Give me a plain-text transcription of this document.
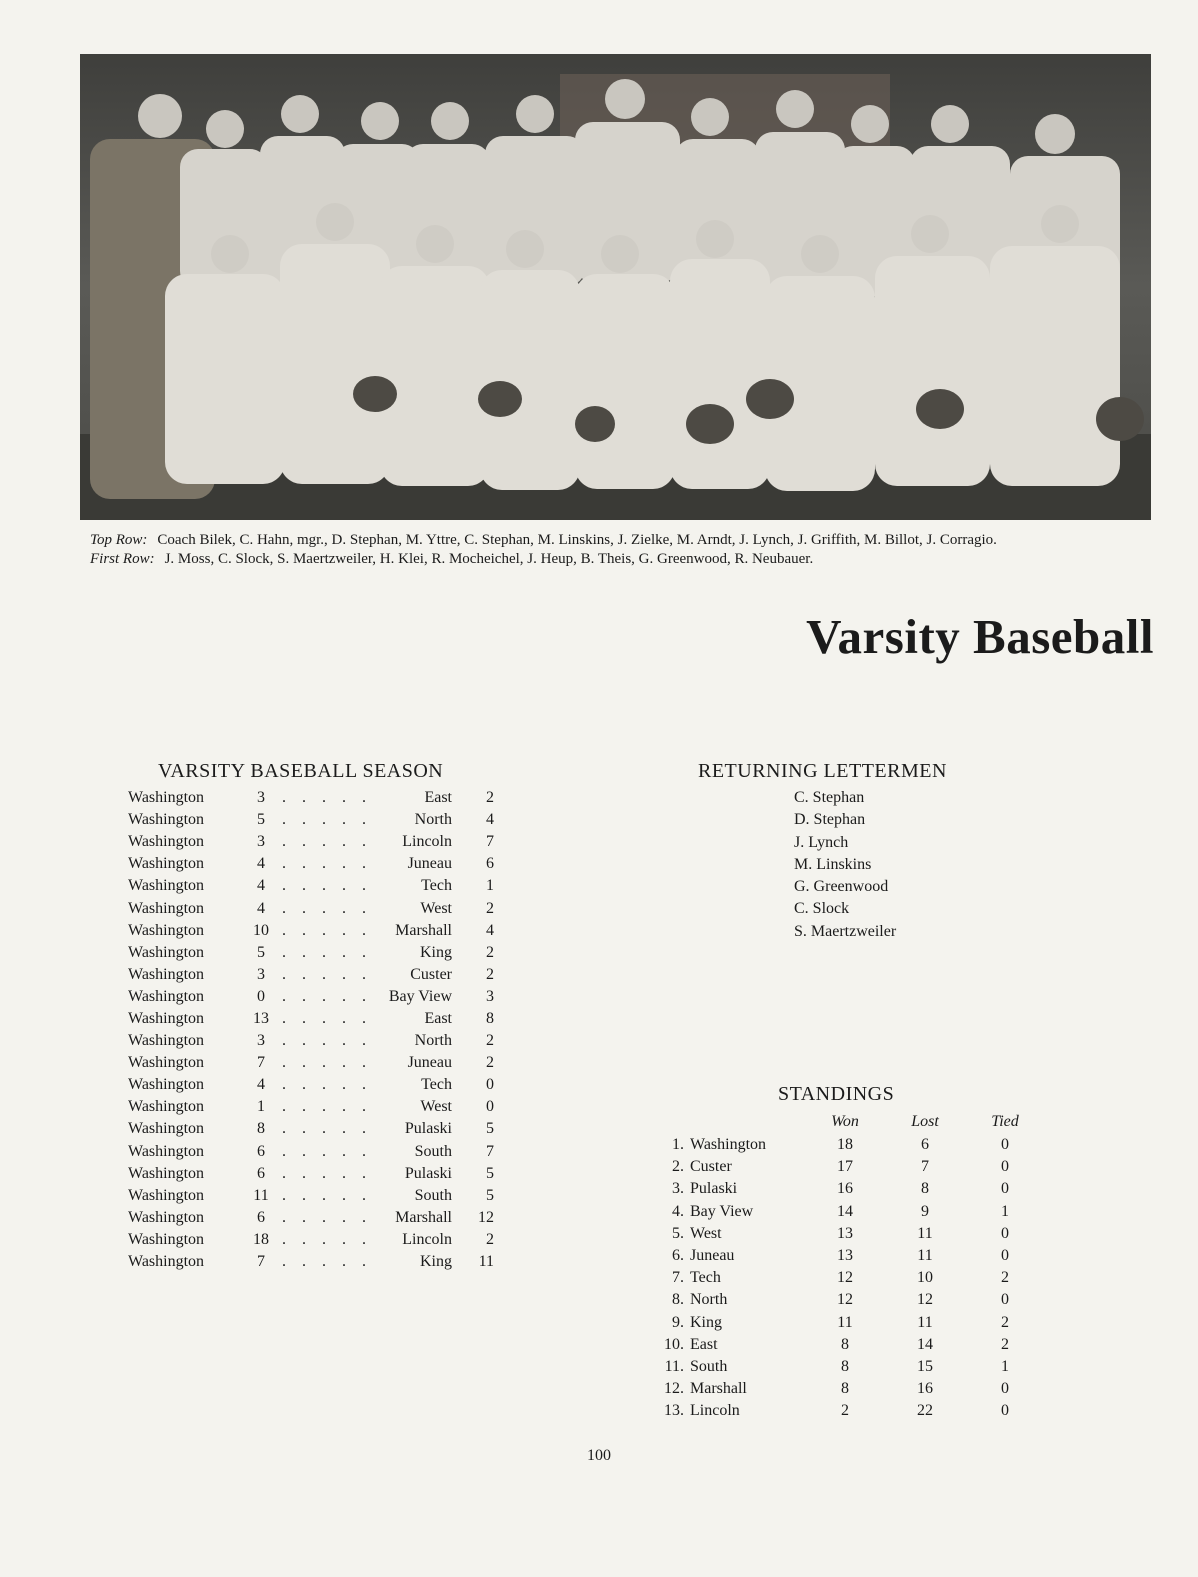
Top Row: Coach Bilek, C. Hahn, mgr., D. Stephan, M. Yttre, C. Stephan, M. Linskins, J. Zielke, M. Arndt, J. Lynch, J. Griffith, M. Billot, J. Corragio.

First Row: J. Moss, C. Slock, S. Maertzweiler, H. Klei, R. Mocheichel, J. Heup, B. Theis, G. Greenwood, R. Neubauer.

Varsity Baseball
VARSITY BASEBALL SEASON
Washington	3	. . . . .	East	2
Washington	5	. . . . .	North	4
Washington	3	. . . . .	Lincoln	7
Washington	4	. . . . .	Juneau	6
Washington	4	. . . . .	Tech	1
Washington	4	. . . . .	West	2
Washington	10 . . . . .	Marshall	4
Washington	5	. . . . .	King	2
Washington	3	. . . . .	Custer	2
Washington	0	. . . . .	Bay View	3
Washington	13 . . . . .	East	8
Washington	3	. . . . .	North	2
Washington	7	. . . . .	Juneau	2
Washington	4	. . . . .	Tech	0
Washington	1	. . . . .	West	0
Washington	8	. . . . .	Pulaski	5
Washington	6	. . . . .	South	7
Washington	6	. . . . .	Pulaski	5
Washington	11 . . . . .	South	5
Washington	6	. . . . .	Marshall	12
Washington	18 . . . . .	Lincoln	2
Washington	7	. . . . .	King	11
RETURNING LETTERMEN
C. Stephan
D. Stephan
J. Lynch
M. Linskins
G. Greenwood
C. Slock
S. Maertzweiler
STANDINGS
Won	Lost	Tied
1. Washington	18	6	0
2. Custer	17	7	0
3. Pulaski	16	8	0
4. Bay View	14	9	1
5. West	13	11	0
6. Juneau	13	11	0
7. Tech	12	10	2
8. North	12	12	0
9. King	11	11	2
10. East	8	14	2
11. South	8	15	1
12. Marshall	8	16	0
13. Lincoln	2	22	0
100
